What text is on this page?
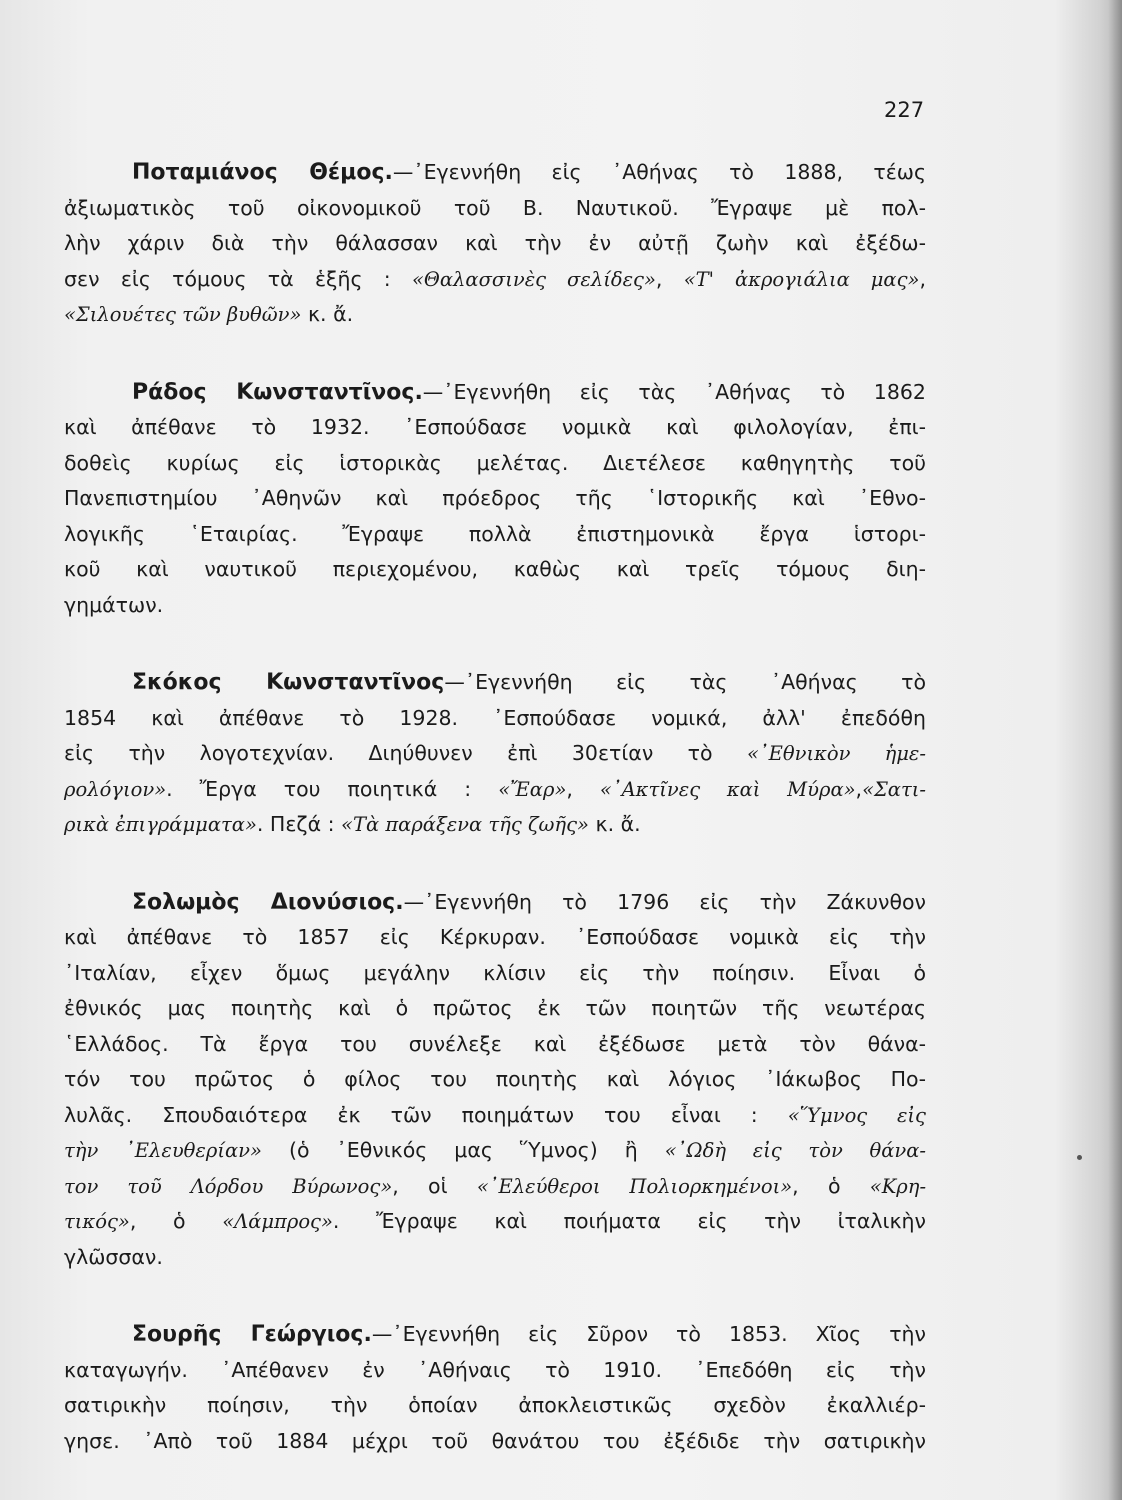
227
Ποταμιάνος Θέμος.—᾿Εγεννήθη εἰς ᾿Αθήνας τὸ 1888, τέως
ἀξιωματικὸς τοῦ οἰκονομικοῦ τοῦ Β. Ναυτικοῦ. Ἔγραψε μὲ πολ-
λὴν χάριν διὰ τὴν θάλασσαν καὶ τὴν ἐν αὐτῇ ζωὴν καὶ ἐξέδω-
σεν εἰς τόμους τὰ ἑξῆς : «Θαλασσινὲς σελίδες», «Τ' ἀκρογιάλια μας»,
«Σιλουέτες τῶν βυθῶν» κ. ἄ.
Ράδος Κωνσταντῖνος.—᾿Εγεννήθη εἰς τὰς ᾿Αθήνας τὸ 1862
καὶ ἀπέθανε τὸ 1932. ᾿Εσπούδασε νομικὰ καὶ φιλολογίαν, ἐπι-
δοθεὶς κυρίως εἰς ἱστορικὰς μελέτας. Διετέλεσε καθηγητὴς τοῦ
Πανεπιστημίου ᾿Αθηνῶν καὶ πρόεδρος τῆς ῾Ιστορικῆς καὶ ᾿Εθνο-
λογικῆς ῾Εταιρίας. Ἔγραψε πολλὰ ἐπιστημονικὰ ἔργα ἱστορι-
κοῦ καὶ ναυτικοῦ περιεχομένου, καθὼς καὶ τρεῖς τόμους διη-
γημάτων.
Σκόκος Κωνσταντῖνος—᾿Εγεννήθη εἰς τὰς ᾿Αθήνας τὸ
1854 καὶ ἀπέθανε τὸ 1928. ᾿Εσπούδασε νομικά, ἀλλ' ἐπεδόθη
εἰς τὴν λογοτεχνίαν. Διηύθυνεν ἐπὶ 30ετίαν τὸ «᾿Εθνικὸν ἡμε-
ρολόγιον». Ἔργα του ποιητικά : «Ἔαρ», «᾿Ακτῖνες καὶ Μύρα»,«Σατι-
ρικὰ ἐπιγράμματα». Πεζά : «Τὰ παράξενα τῆς ζωῆς» κ. ἄ.
Σολωμὸς Διονύσιος.—᾿Εγεννήθη τὸ 1796 εἰς τὴν Ζάκυνθον
καὶ ἀπέθανε τὸ 1857 εἰς Κέρκυραν. ᾿Εσπούδασε νομικὰ εἰς τὴν
᾿Ιταλίαν, εἶχεν ὅμως μεγάλην κλίσιν εἰς τὴν ποίησιν. Εἶναι ὁ
ἐθνικός μας ποιητὴς καὶ ὁ πρῶτος ἐκ τῶν ποιητῶν τῆς νεωτέρας
῾Ελλάδος. Τὰ ἔργα του συνέλεξε καὶ ἐξέδωσε μετὰ τὸν θάνα-
τόν του πρῶτος ὁ φίλος του ποιητὴς καὶ λόγιος ᾿Ιάκωβος Πο-
λυλᾶς. Σπουδαιότερα ἐκ τῶν ποιημάτων του εἶναι : «Ὕμνος εἰς
τὴν ᾿Ελευθερίαν» (ὁ ᾿Εθνικός μας Ὕμνος) ἢ «᾿Ωδὴ εἰς τὸν θάνα-
τον τοῦ Λόρδου Βύρωνος», οἱ «᾿Ελεύθεροι Πολιορκημένοι», ὁ «Κρη-
τικός», ὁ «Λάμπρος». Ἔγραψε καὶ ποιήματα εἰς τὴν ἰταλικὴν
γλῶσσαν.
Σουρῆς Γεώργιος.—᾿Εγεννήθη εἰς Σῦρον τὸ 1853. Χῖος τὴν
καταγωγήν. ᾿Απέθανεν ἐν ᾿Αθήναις τὸ 1910. ᾿Επεδόθη εἰς τὴν
σατιρικὴν ποίησιν, τὴν ὁποίαν ἀποκλειστικῶς σχεδὸν ἐκαλλιέρ-
γησε. ᾿Απὸ τοῦ 1884 μέχρι τοῦ θανάτου του ἐξέδιδε τὴν σατιρικὴν
